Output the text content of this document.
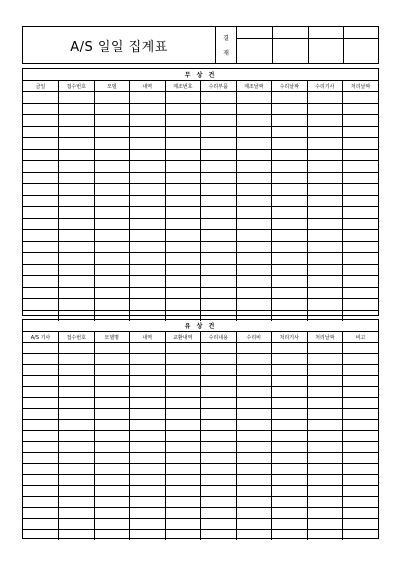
A/S 일일 집계표
결
재
무 상 건
금일	접수번호	모델	내역	제조번호	수리부품	제조날짜	수리날짜	수리기사	처리날짜

유 상 건
A/S 기사	접수번호	모델명	내역	교환내역	수리내용	수리비	처리기사	처리날짜	비고
